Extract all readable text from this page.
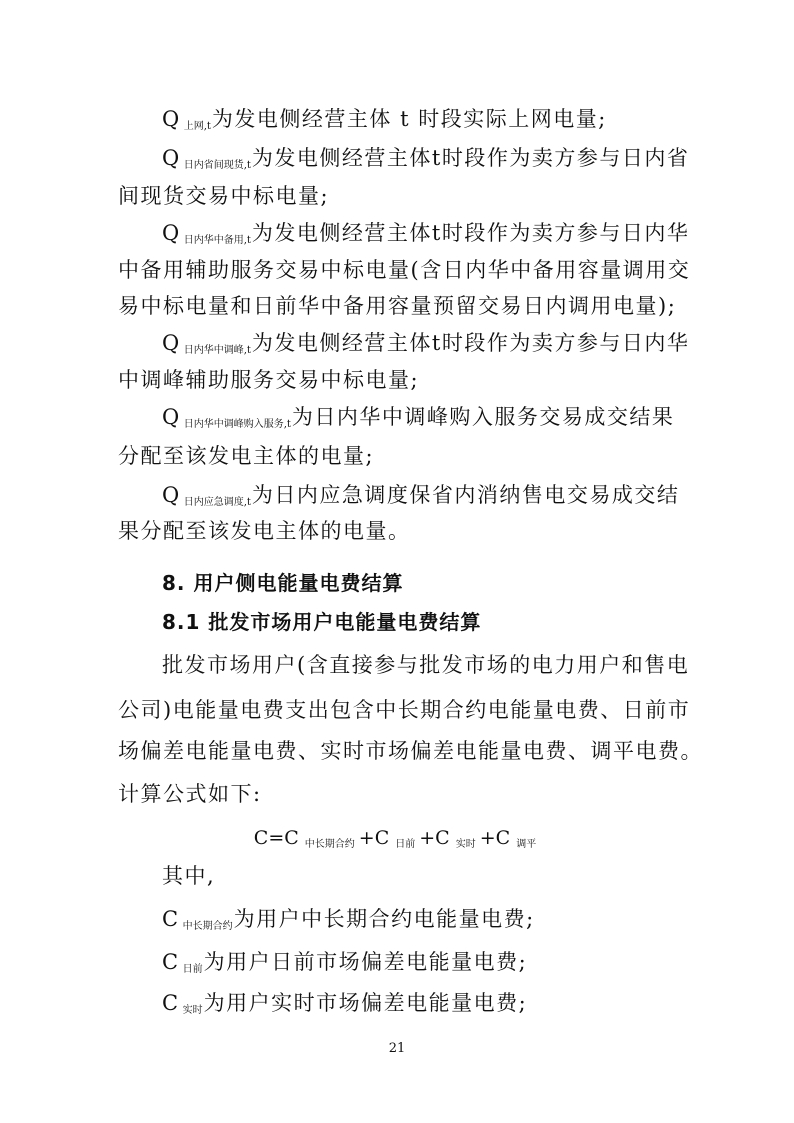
Q $_{上网,t}$为发电侧经营主体 t 时段实际上网电量;
Q $_{日内省间现货,t}$为发电侧经营主体t时段作为卖方参与日内省
间现货交易中标电量;
Q $_{日内华中备用,t}$为发电侧经营主体t时段作为卖方参与日内华
中备用辅助服务交易中标电量(含日内华中备用容量调用交
易中标电量和日前华中备用容量预留交易日内调用电量);
Q $_{日内华中调峰,t}$为发电侧经营主体t时段作为卖方参与日内华
中调峰辅助服务交易中标电量;
Q $_{日内华中调峰购入服务,t}$为日内华中调峰购入服务交易成交结果
分配至该发电主体的电量;
Q $_{日内应急调度,t}$为日内应急调度保省内消纳售电交易成交结
果分配至该发电主体的电量。
8. 用户侧电能量电费结算
8.1 批发市场用户电能量电费结算
批发市场用户(含直接参与批发市场的电力用户和售电
公司)电能量电费支出包含中长期合约电能量电费、日前市
场偏差电能量电费、实时市场偏差电能量电费、调平电费。
计算公式如下:
C=C $_{中长期合约}$ +C $_{日前}$ +C $_{实时}$ +C $_{调平}$
其中,
C $_{中长期合约}$为用户中长期合约电能量电费;
C $_{日前}$为用户日前市场偏差电能量电费;
C $_{实时}$为用户实时市场偏差电能量电费;
21
